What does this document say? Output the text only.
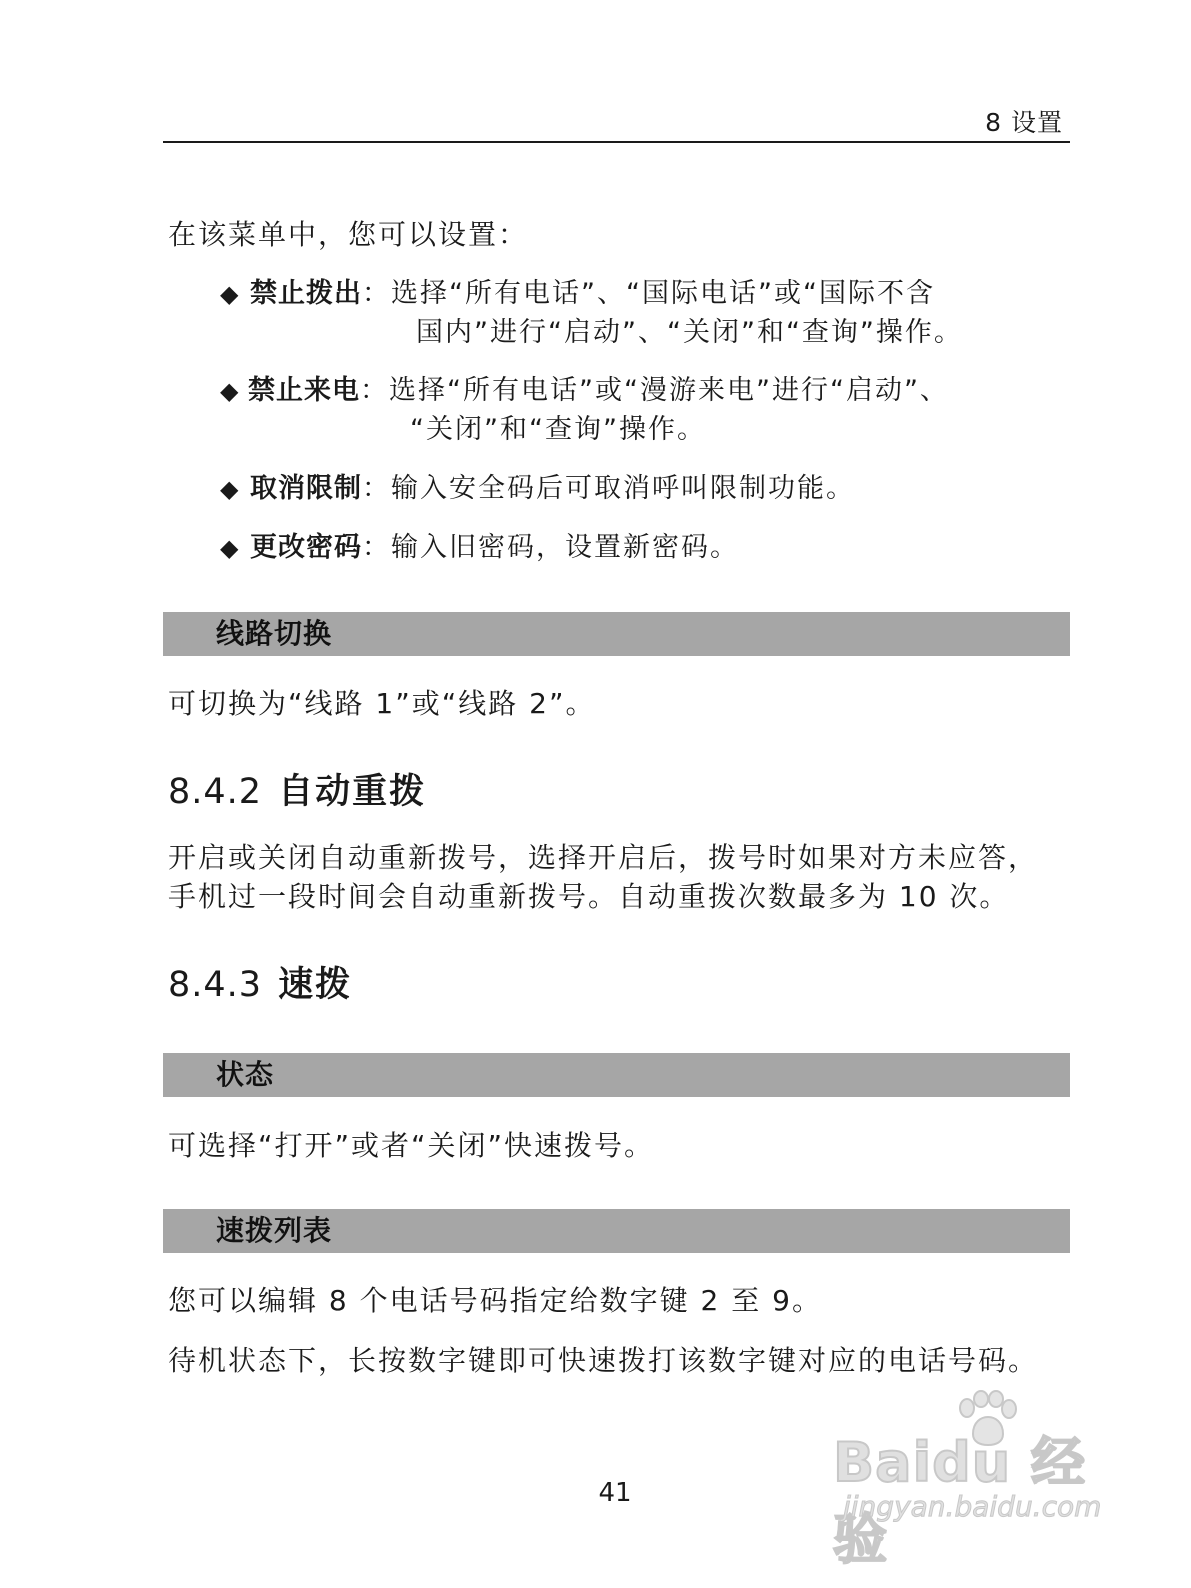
8 设置
在该菜单中，您可以设置：
◆ 禁止拨出：选择“所有电话”、“国际电话”或“国际不含
国内”进行“启动”、“关闭”和“查询”操作。
◆ 禁止来电：选择“所有电话”或“漫游来电”进行“启动”、
“关闭”和“查询”操作。
◆ 取消限制：输入安全码后可取消呼叫限制功能。
◆ 更改密码：输入旧密码，设置新密码。
线路切换
可切换为“线路 1”或“线路 2”。
8.4.2 自动重拨
开启或关闭自动重新拨号，选择开启后，拨号时如果对方未应答，
手机过一段时间会自动重新拨号。自动重拨次数最多为 10 次。
8.4.3 速拨
状态
可选择“打开”或者“关闭”快速拨号。
速拨列表
您可以编辑 8 个电话号码指定给数字键 2 至 9。
待机状态下，长按数字键即可快速拨打该数字键对应的电话号码。
41	Baidu 经验
jingyan.baidu.com
